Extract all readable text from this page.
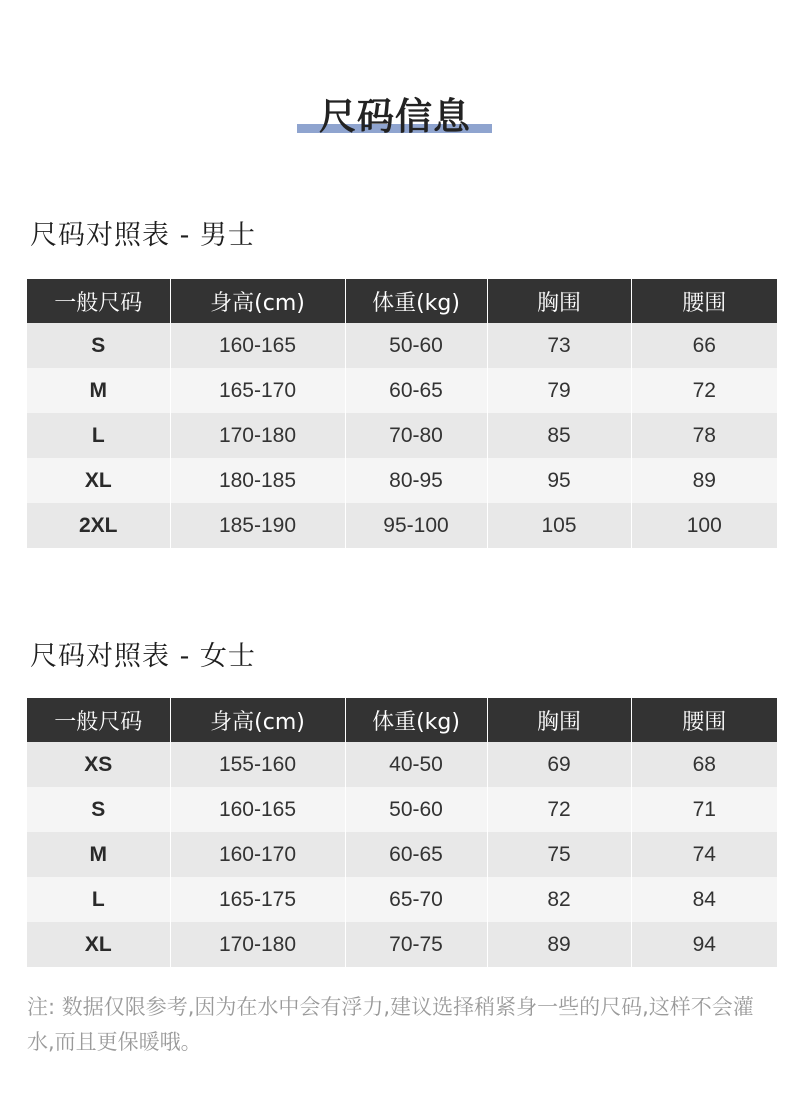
尺码信息
尺码对照表 - 男士
一般尺码	身高(cm)	体重(kg)	胸围	腰围
S	160-165	50-60	73	66
M	165-170	60-65	79	72
L	170-180	70-80	85	78
XL	180-185	80-95	95	89
2XL	185-190	95-100	105	100
尺码对照表 - 女士
一般尺码	身高(cm)	体重(kg)	胸围	腰围
XS	155-160	40-50	69	68
S	160-165	50-60	72	71
M	160-170	60-65	75	74
L	165-175	65-70	82	84
XL	170-180	70-75	89	94
注: 数据仅限参考,因为在水中会有浮力,建议选择稍紧身一些的尺码,这样不会灌水,而且更保暖哦。
